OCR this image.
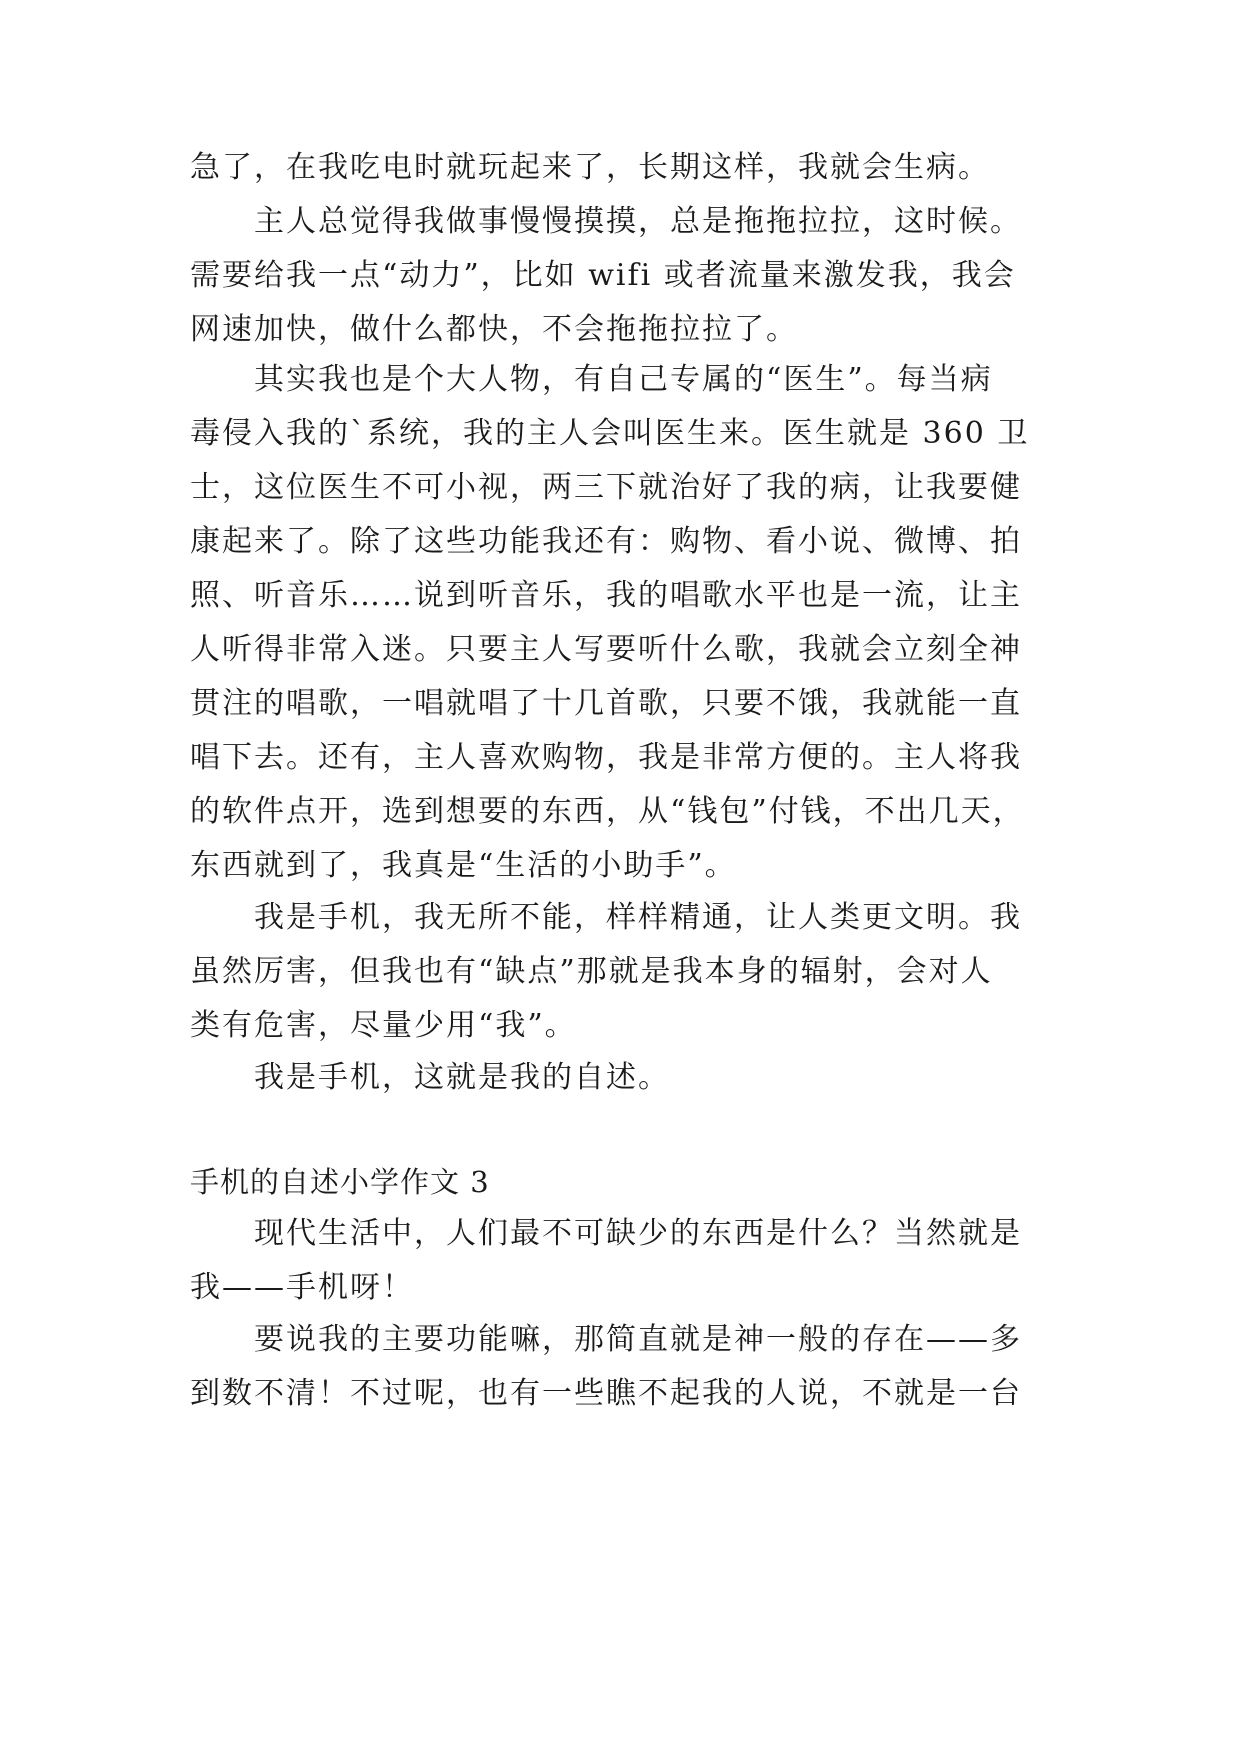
急了，在我吃电时就玩起来了，长期这样，我就会生病。
主人总觉得我做事慢慢摸摸，总是拖拖拉拉，这时候。
需要给我一点“动力”，比如 wifi 或者流量来激发我，我会
网速加快，做什么都快，不会拖拖拉拉了。
其实我也是个大人物，有自己专属的“医生”。每当病
毒侵入我的`系统，我的主人会叫医生来。医生就是 360 卫
士，这位医生不可小视，两三下就治好了我的病，让我要健
康起来了。除了这些功能我还有：购物、看小说、微博、拍
照、听音乐……说到听音乐，我的唱歌水平也是一流，让主
人听得非常入迷。只要主人写要听什么歌，我就会立刻全神
贯注的唱歌，一唱就唱了十几首歌，只要不饿，我就能一直
唱下去。还有，主人喜欢购物，我是非常方便的。主人将我
的软件点开，选到想要的东西，从“钱包”付钱，不出几天，
东西就到了，我真是“生活的小助手”。
我是手机，我无所不能，样样精通，让人类更文明。我
虽然厉害，但我也有“缺点”那就是我本身的辐射，会对人
类有危害，尽量少用“我”。
我是手机，这就是我的自述。
手机的自述小学作文 3
现代生活中，人们最不可缺少的东西是什么？当然就是
我——手机呀！
要说我的主要功能嘛，那简直就是神一般的存在——多
到数不清！不过呢，也有一些瞧不起我的人说，不就是一台
